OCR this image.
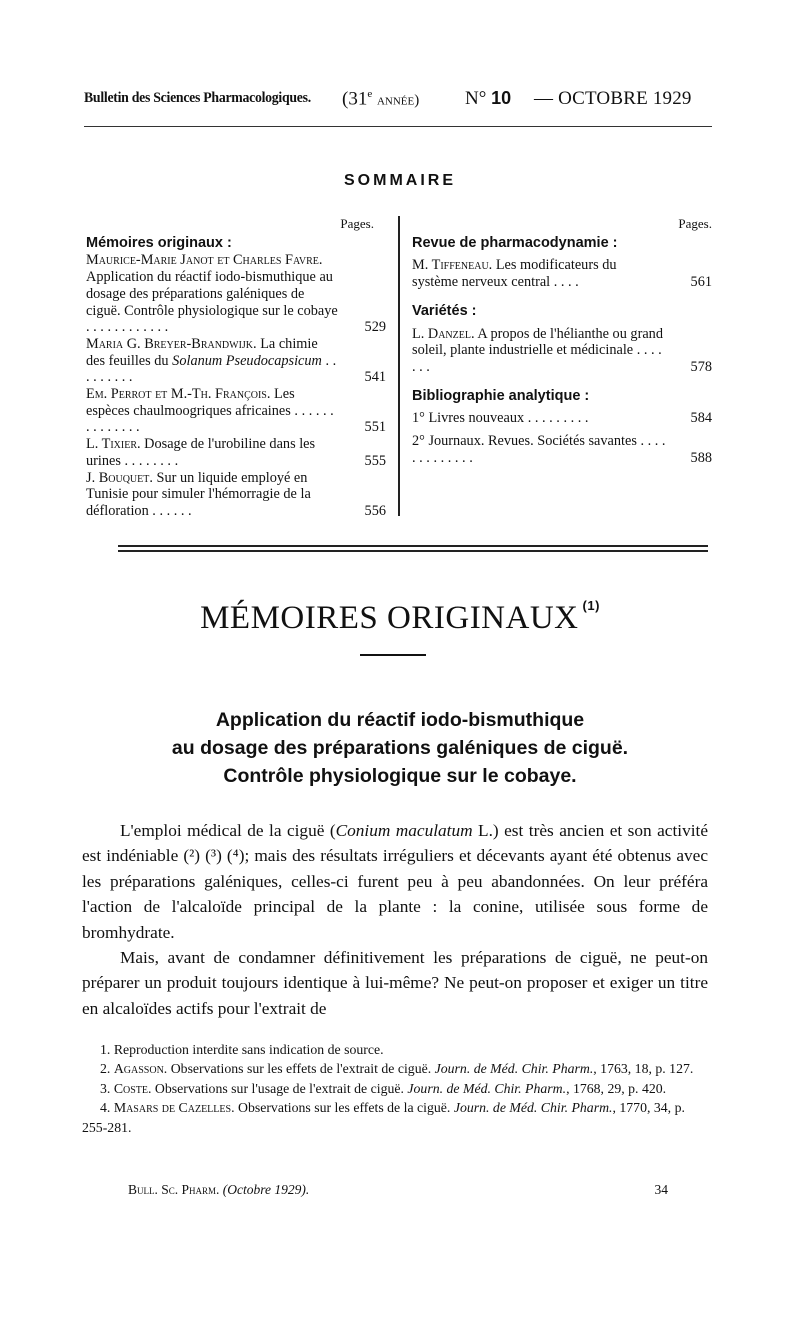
Bulletin des Sciences Pharmacologiques. (31e année) N° 10 — OCTOBRE 1929
SOMMAIRE
Pages.
Mémoires originaux :
Maurice-Marie Janot et Charles Favre. Application du réactif iodo-bismuthique au dosage des préparations galéniques de ciguë. Contrôle physiologique sur le cobaye . . . . . . . . . . . .	529
Maria G. Breyer-Brandwijk. La chimie des feuilles du Solanum Pseudocapsicum . . . . . . . . .	541
Em. Perrot et M.-Th. François. Les espèces chaulmoogriques africaines . . . . . . . . . . . . . .	551
L. Tixier. Dosage de l'urobiline dans les urines . . . . . . . .	555
J. Bouquet. Sur un liquide employé en Tunisie pour simuler l'hémorragie de la défloration . . . . . .	556
Pages.
Revue de pharmacodynamie :
M. Tiffeneau. Les modificateurs du système nerveux central . . . .	561
Variétés :
L. Danzel. A propos de l'hélianthe ou grand soleil, plante industrielle et médicinale . . . . . . .	578
Bibliographie analytique :
1° Livres nouveaux . . . . . . . . .	584
2° Journaux. Revues. Sociétés savantes . . . . . . . . . . . . .	588
MÉMOIRES ORIGINAUX $^{(1)}$
Application du réactif iodo-bismuthique
au dosage des préparations galéniques de ciguë.
Contrôle physiologique sur le cobaye.

L'emploi médical de la ciguë (Conium maculatum L.) est très ancien et son activité est indéniable (²) (³) (⁴); mais des résultats irréguliers et décevants ayant été obtenus avec les préparations galéniques, celles-ci furent peu à peu abandonnées. On leur préféra l'action de l'alcaloïde principal de la plante : la conine, utilisée sous forme de bromhydrate.

Mais, avant de condamner définitivement les préparations de ciguë, ne peut-on préparer un produit toujours identique à lui-même? Ne peut-on proposer et exiger un titre en alcaloïdes actifs pour l'extrait de

1. Reproduction interdite sans indication de source.
2. Agasson. Observations sur les effets de l'extrait de ciguë. Journ. de Méd. Chir. Pharm., 1763, 18, p. 127.
3. Coste. Observations sur l'usage de l'extrait de ciguë. Journ. de Méd. Chir. Pharm., 1768, 29, p. 420.
4. Masars de Cazelles. Observations sur les effets de la ciguë. Journ. de Méd. Chir. Pharm., 1770, 34, p. 255-281.
Bull. Sc. Pharm. (Octobre 1929).	34
